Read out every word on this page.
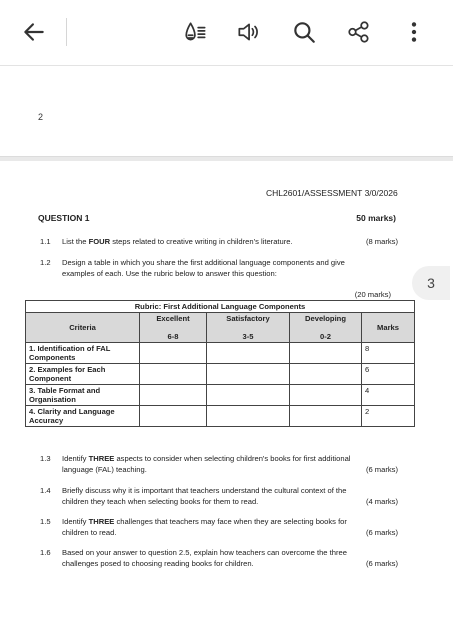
2
3
CHL2601/ASSESSMENT 3/0/2026
QUESTION 1	50 marks)
1.1 List the FOUR steps related to creative writing in children's literature.	(8 marks)
1.2 Design a table in which you share the first additional language components and give
examples of each. Use the rubric below to answer this question:
(20 marks)
Rubric: First Additional Language Components				
Criteria	Excellent	Satisfactory	Developing	Marks
	6-8	3-5	0-2	
1. Identification of FAL Components				8
2. Examples for Each Component				6
3. Table Format and Organisation				4
4. Clarity and Language Accuracy				2
1.3 Identify THREE aspects to consider when selecting children's books for first additional
language (FAL) teaching.	(6 marks)
1.4 Briefly discuss why it is important that teachers understand the cultural context of the
children they teach when selecting books for them to read.	(4 marks)
1.5 Identify THREE challenges that teachers may face when they are selecting books for
children to read.	(6 marks)
1.6 Based on your answer to question 2.5, explain how teachers can overcome the three
challenges posed to choosing reading books for children.	(6 marks)
